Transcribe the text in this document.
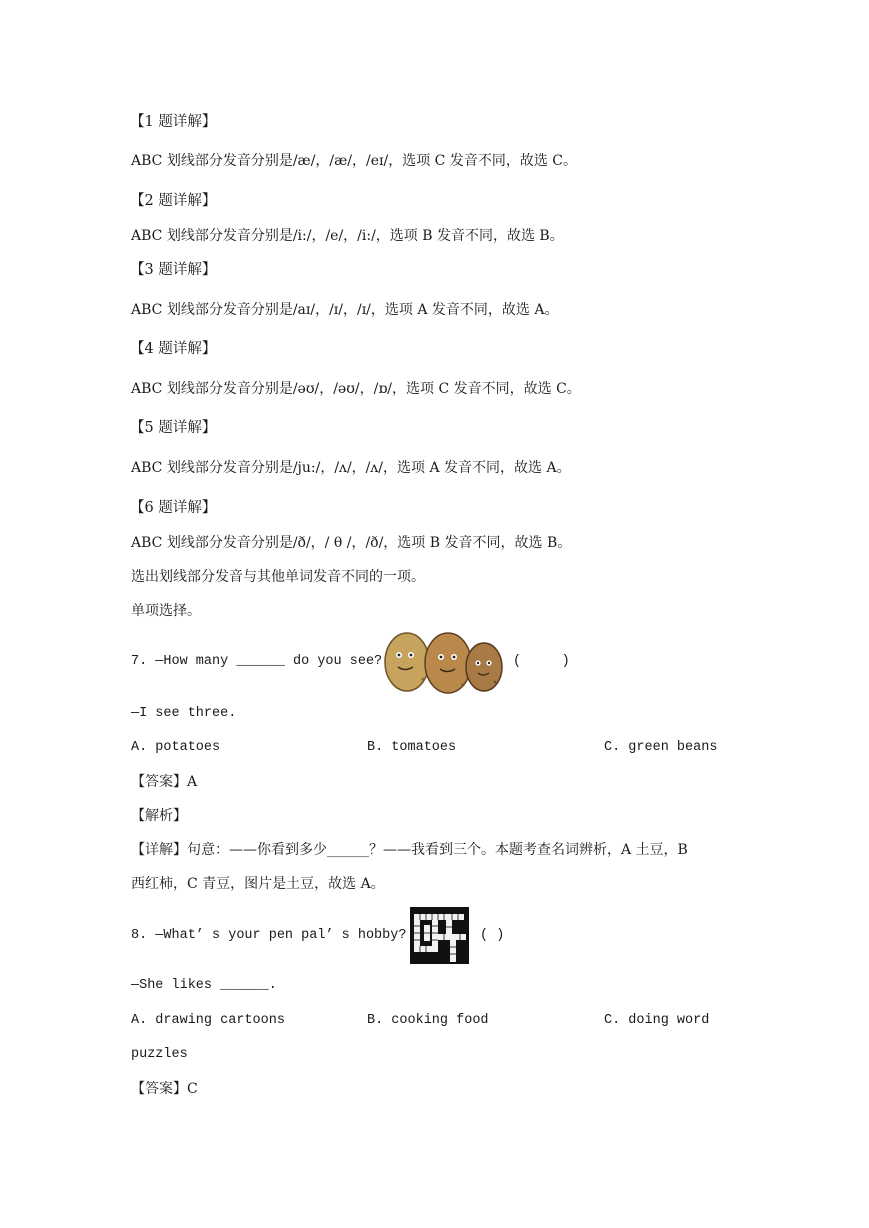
【1 题详解】
ABC 划线部分发音分别是/æ/，/æ/，/eɪ/，选项 C 发音不同，故选 C。
【2 题详解】
ABC 划线部分发音分别是/i:/，/e/，/i:/，选项 B 发音不同，故选 B。
【3 题详解】
ABC 划线部分发音分别是/aɪ/，/ɪ/，/ɪ/，选项 A 发音不同，故选 A。
【4 题详解】
ABC 划线部分发音分别是/əʊ/，/əʊ/，/ɒ/，选项 C 发音不同，故选 C。
【5 题详解】
ABC 划线部分发音分别是/ju:/，/ʌ/，/ʌ/，选项 A 发音不同，故选 A。
【6 题详解】
ABC 划线部分发音分别是/ð/，/ θ /，/ð/，选项 B 发音不同，故选 B。
选出划线部分发音与其他单词发音不同的一项。
单项选择。
7. —How many ______ do you see?	(     )
—I see three.
A. potatoes	B. tomatoes	C. green beans
【答案】A
【解析】
【详解】句意：——你看到多少______？——我看到三个。本题考查名词辨析，A 土豆，B
西红柿，C 青豆，图片是土豆，故选 A。
8. —What’ s your pen pal’ s hobby?	( )
—She likes ______.
A. drawing cartoons	B. cooking food	C. doing word
puzzles
【答案】C
